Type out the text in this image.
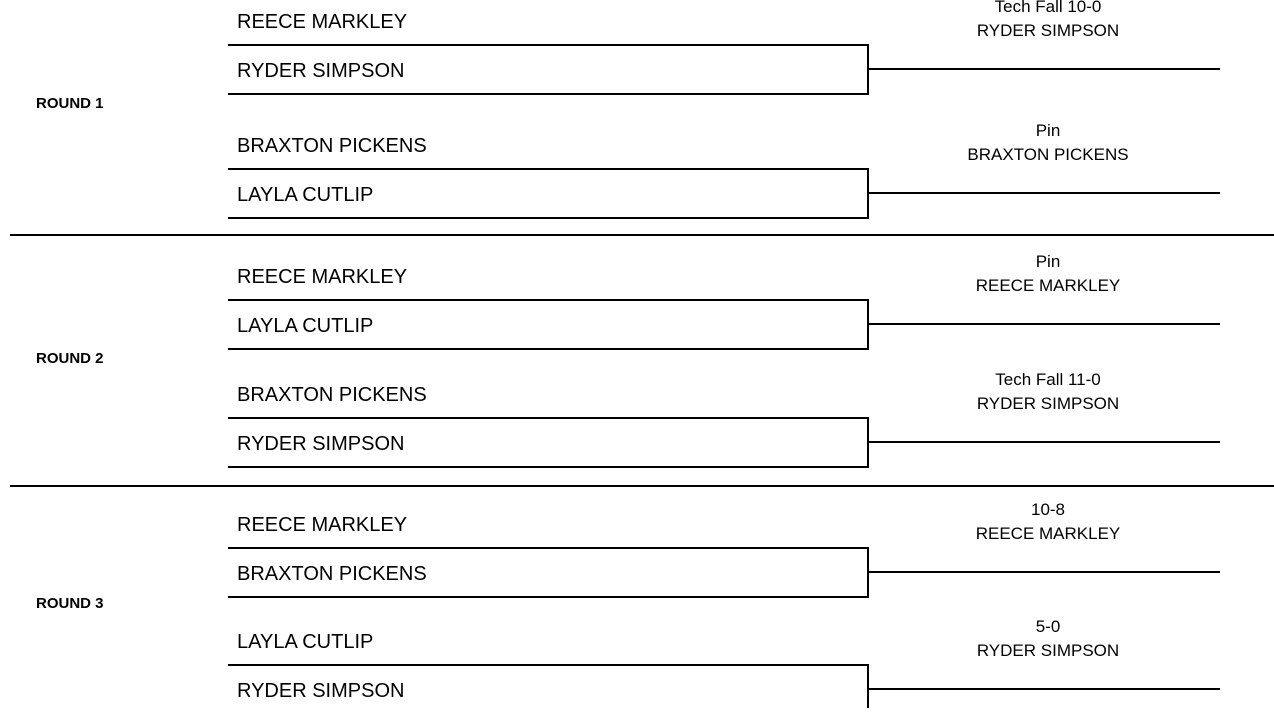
ROUND 1
REECE MARKLEY
RYDER SIMPSON
Tech Fall 10-0
RYDER SIMPSON
BRAXTON PICKENS
LAYLA CUTLIP
Pin
BRAXTON PICKENS
ROUND 2
REECE MARKLEY
LAYLA CUTLIP
Pin
REECE MARKLEY
BRAXTON PICKENS
RYDER SIMPSON
Tech Fall 11-0
RYDER SIMPSON
ROUND 3
REECE MARKLEY
BRAXTON PICKENS
10-8
REECE MARKLEY
LAYLA CUTLIP
RYDER SIMPSON
5-0
RYDER SIMPSON
